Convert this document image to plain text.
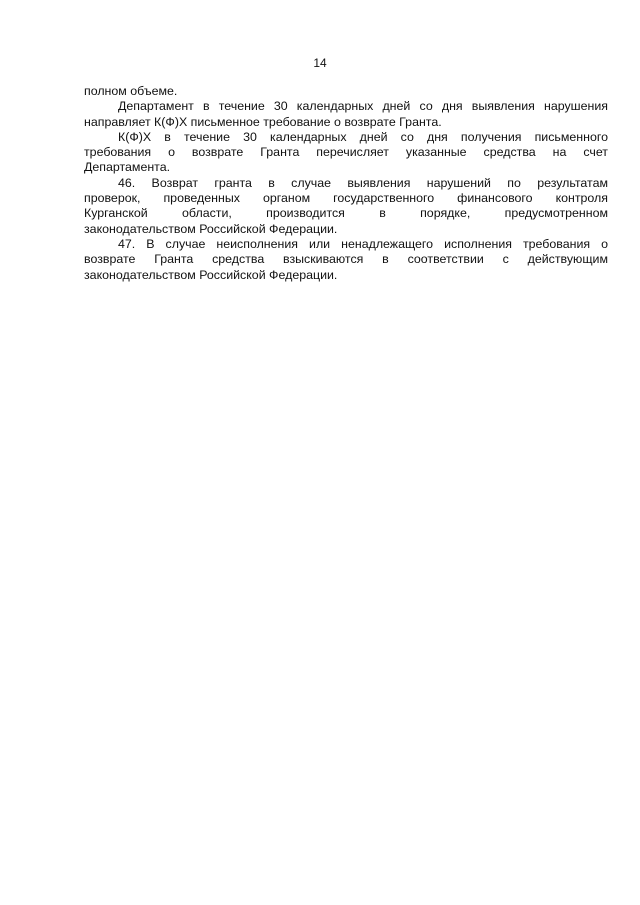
14
полном объеме.
Департамент в течение 30 календарных дней со дня выявления нарушения
направляет К(Ф)Х письменное требование о возврате Гранта.
К(Ф)Х в течение 30 календарных дней со дня получения письменного
требования о возврате Гранта перечисляет указанные средства на счет
Департамента.
46. Возврат гранта в случае выявления нарушений по результатам
проверок, проведенных органом государственного финансового контроля
Курганской области, производится в порядке, предусмотренном
законодательством Российской Федерации.
47. В случае неисполнения или ненадлежащего исполнения требования о
возврате Гранта средства взыскиваются в соответствии с действующим
законодательством Российской Федерации.
